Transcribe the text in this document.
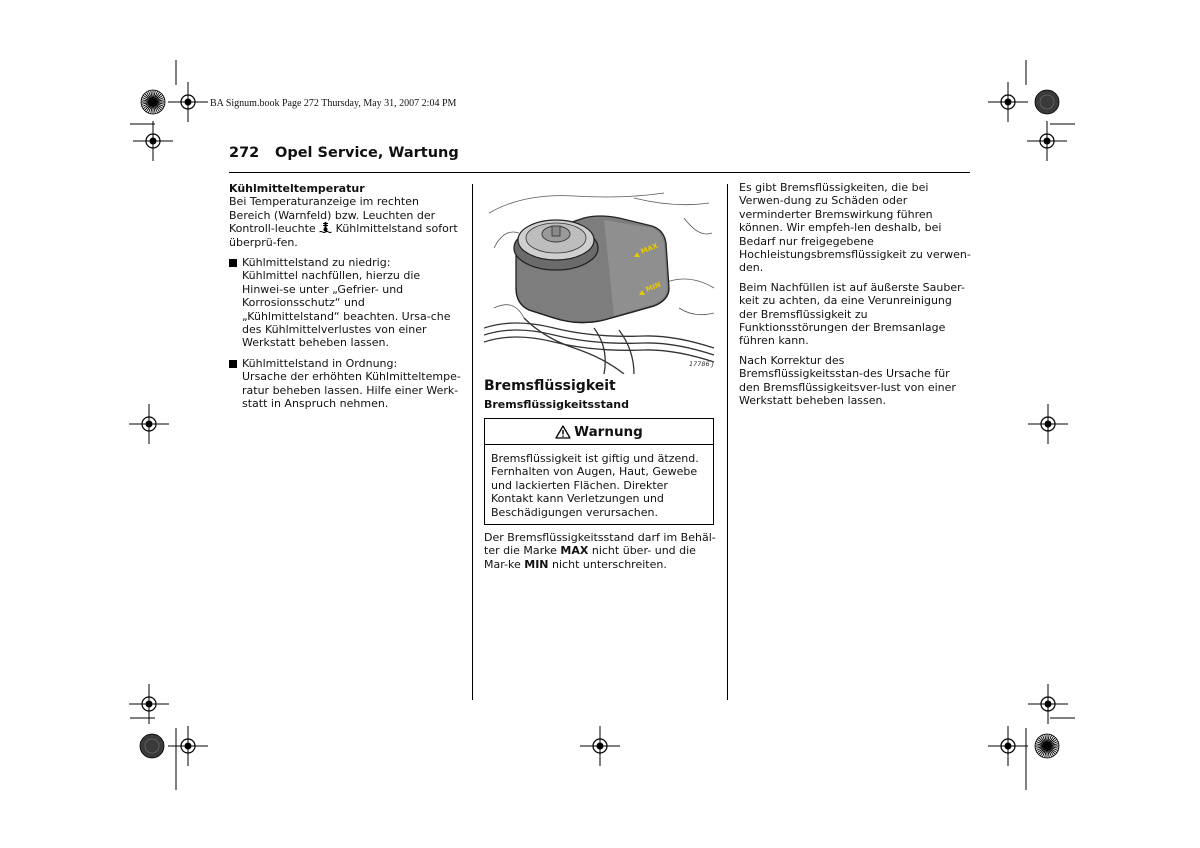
BA Signum.book Page 272 Thursday, May 31, 2007 2:04 PM
272 Opel Service, Wartung

Kühlmitteltemperatur

Bei Temperaturanzeige im rechten Bereich (Warnfeld) bzw. Leuchten der Kontroll-leuchte Kühlmittelstand sofort überprü-fen.

Kühlmittelstand zu niedrig:

Kühlmittel nachfüllen, hierzu die Hinwei-se unter „Gefrier- und Korrosionsschutz“ und „Kühlmittelstand“ beachten. Ursa-che des Kühlmittelverlustes von einer Werkstatt beheben lassen.

Kühlmittelstand in Ordnung:

Ursache der erhöhten Kühlmitteltempe-ratur beheben lassen. Hilfe einer Werk-statt in Anspruch nehmen.

MAX
MIN
17786 J
Bremsflüssigkeit
Bremsflüssigkeitsstand
Warnung
Bremsflüssigkeit ist giftig und ätzend. Fernhalten von Augen, Haut, Gewebe und lackierten Flächen. Direkter Kontakt kann Verletzungen und Beschädigungen verursachen.
Der Bremsflüssigkeitsstand darf im Behäl-ter die Marke MAX nicht über- und die Mar-ke MIN nicht unterschreiten.

Es gibt Bremsflüssigkeiten, die bei Verwen-dung zu Schäden oder verminderter Bremswirkung führen können. Wir empfeh-len deshalb, bei Bedarf nur freigegebene Hochleistungsbremsflüssigkeit zu verwen-den.

Beim Nachfüllen ist auf äußerste Sauber-keit zu achten, da eine Verunreinigung der Bremsflüssigkeit zu Funktionsstörungen der Bremsanlage führen kann.

Nach Korrektur des Bremsflüssigkeitsstan-des Ursache für den Bremsflüssigkeitsver-lust von einer Werkstatt beheben lassen.
